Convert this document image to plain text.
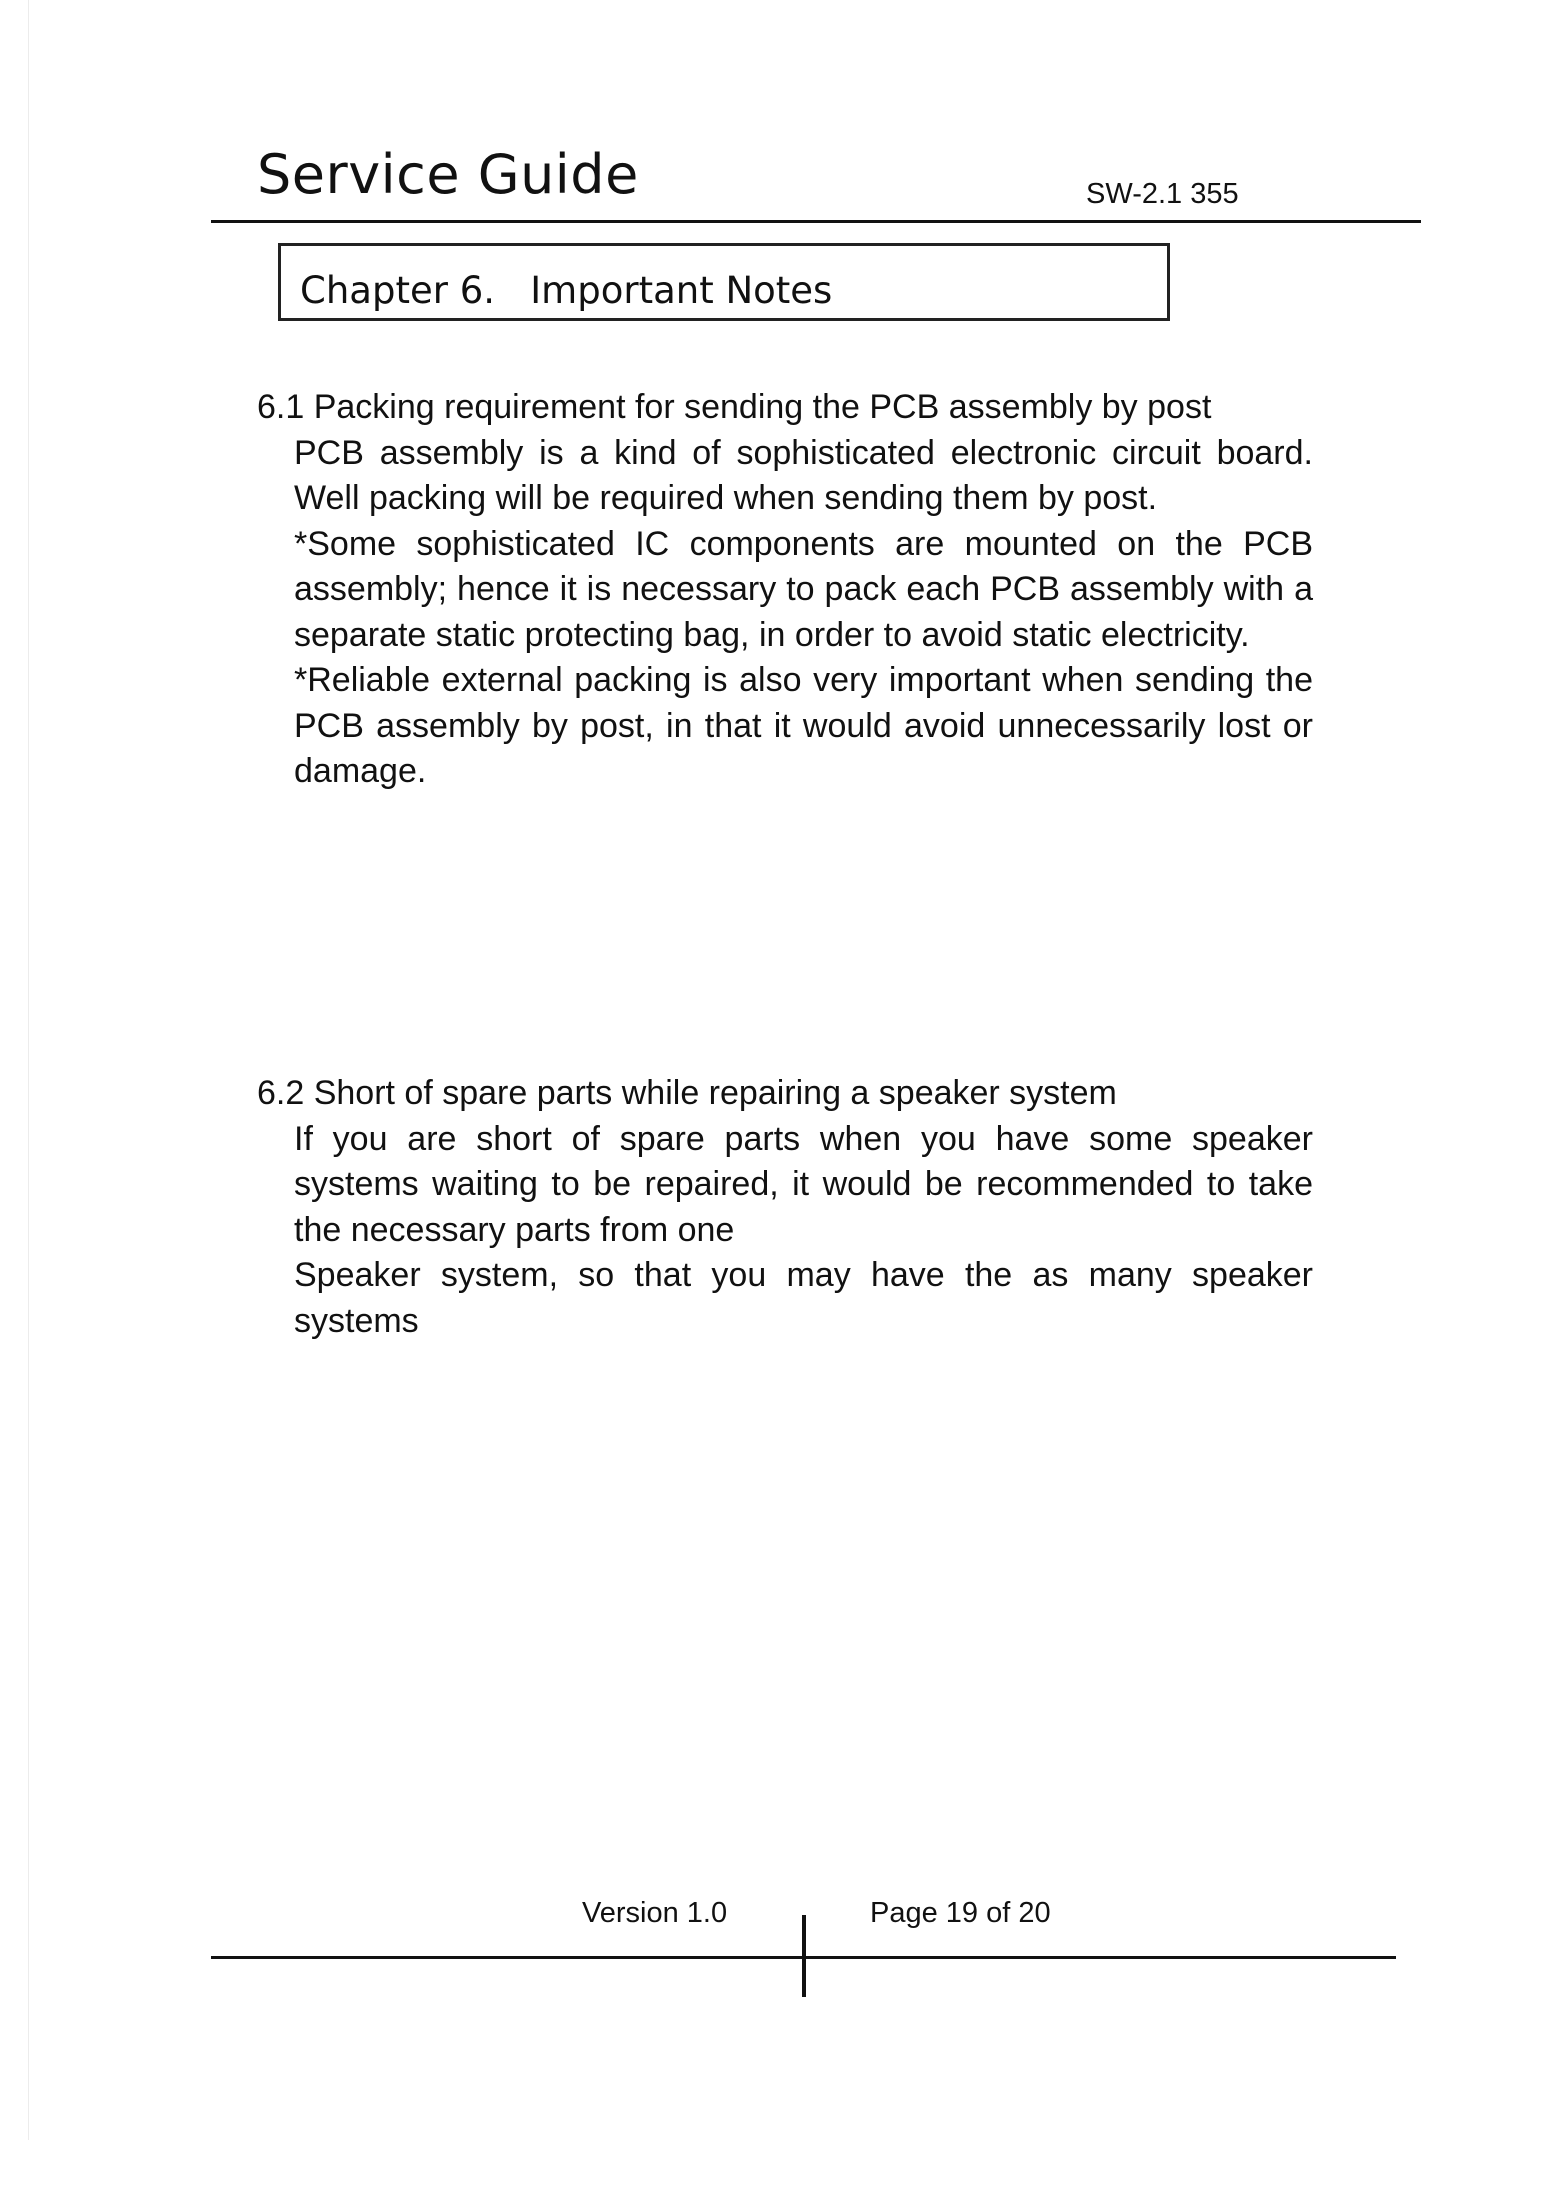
Service Guide	SW-2.1 355
Chapter 6.   Important Notes
6.1 Packing requirement for sending the PCB assembly by post

PCB assembly is a kind of sophisticated electronic circuit board. Well packing will be required when sending them by post.

*Some sophisticated IC components are mounted on the PCB assembly; hence it is necessary to pack each PCB assembly with a separate static protecting bag, in order to avoid static electricity.

*Reliable external packing is also very important when sending the PCB assembly by post, in that it would avoid unnecessarily lost or damage.

6.2 Short of spare parts while repairing a speaker system

If you are short of spare parts when you have some speaker systems waiting to be repaired, it would be recommended to take the necessary parts from one

Speaker system, so that you may have the as many speaker systems

Version 1.0	Page 19 of 20
